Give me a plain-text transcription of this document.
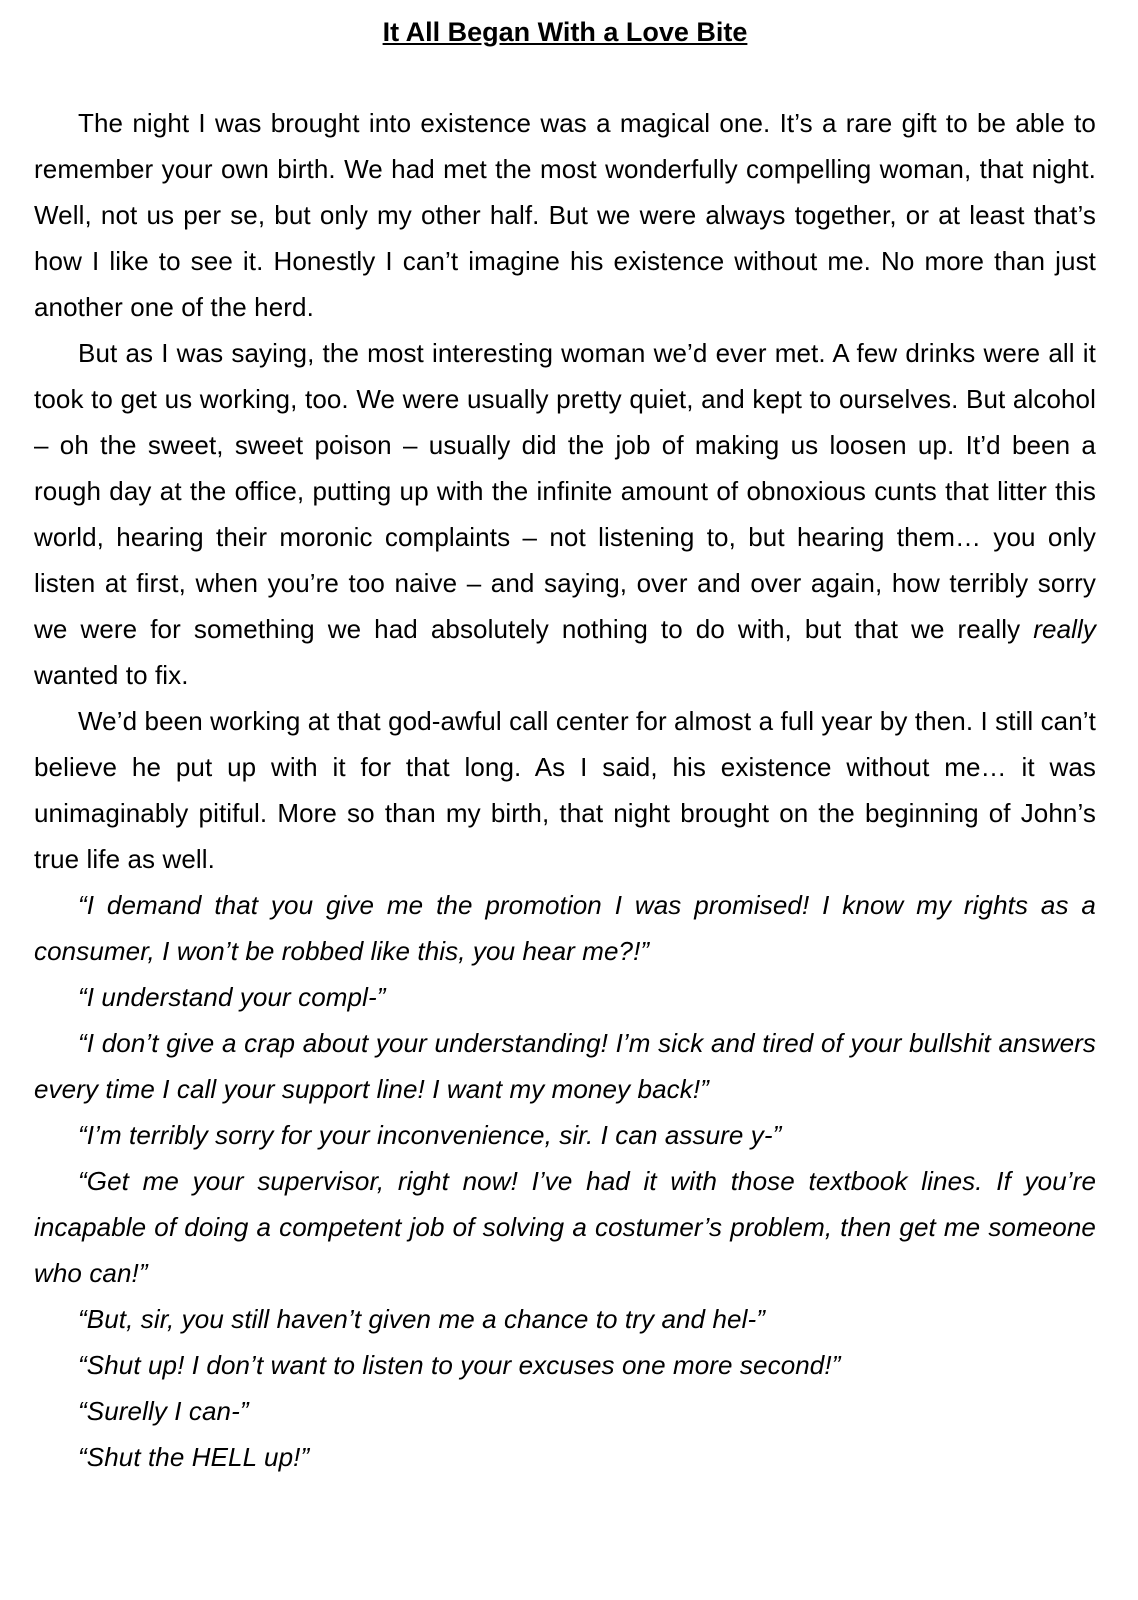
It All Began With a Love Bite

The night I was brought into existence was a magical one. It’s a rare gift to be able to remember your own birth. We had met the most wonderfully compelling woman, that night. Well, not us per se, but only my other half. But we were always together, or at least that’s how I like to see it. Honestly I can’t imagine his existence without me. No more than just another one of the herd.

But as I was saying, the most interesting woman we’d ever met. A few drinks were all it took to get us working, too. We were usually pretty quiet, and kept to ourselves. But alcohol – oh the sweet, sweet poison – usually did the job of making us loosen up. It’d been a rough day at the office, putting up with the infinite amount of obnoxious cunts that litter this world, hearing their moronic complaints – not listening to, but hearing them… you only listen at first, when you’re too naive – and saying, over and over again, how terribly sorry we were for something we had absolutely nothing to do with, but that we really really wanted to fix.

We’d been working at that god-awful call center for almost a full year by then. I still can’t believe he put up with it for that long. As I said, his existence without me… it was unimaginably pitiful. More so than my birth, that night brought on the beginning of John’s true life as well.

“I demand that you give me the promotion I was promised! I know my rights as a consumer, I won’t be robbed like this, you hear me?!”

“I understand your compl-”

“I don’t give a crap about your understanding! I’m sick and tired of your bullshit answers every time I call your support line! I want my money back!”

“I’m terribly sorry for your inconvenience, sir. I can assure y-”

“Get me your supervisor, right now! I’ve had it with those textbook lines. If you’re incapable of doing a competent job of solving a costumer’s problem, then get me someone who can!”

“But, sir, you still haven’t given me a chance to try and hel-”

“Shut up! I don’t want to listen to your excuses one more second!”

“Surelly I can-”

“Shut the HELL up!”
